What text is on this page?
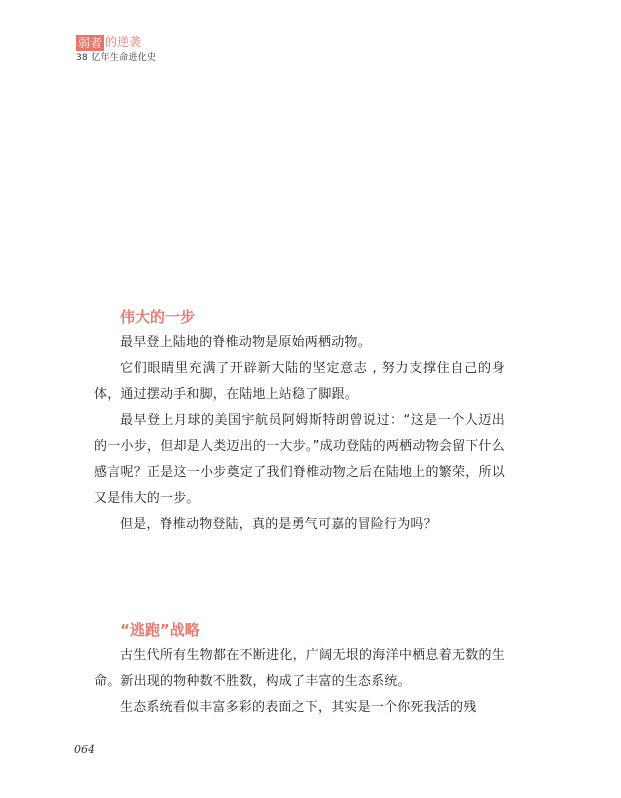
弱者 的逆袭
38 亿年生命进化史
伟大的一步

最早登上陆地的脊椎动物是原始两栖动物。

它们眼睛里充满了开辟新大陆的坚定意志 , 努力支撑住自己的身体，通过摆动手和脚，在陆地上站稳了脚跟。

最早登上月球的美国宇航员阿姆斯特朗曾说过：“这是一个人迈出的一小步，但却是人类迈出的一大步。”成功登陆的两栖动物会留下什么感言呢？正是这一小步奠定了我们脊椎动物之后在陆地上的繁荣，所以又是伟大的一步。

但是，脊椎动物登陆，真的是勇气可嘉的冒险行为吗？

“逃跑”战略

古生代所有生物都在不断进化，广阔无垠的海洋中栖息着无数的生命。新出现的物种数不胜数，构成了丰富的生态系统。

生态系统看似丰富多彩的表面之下，其实是一个你死我活的残

064
